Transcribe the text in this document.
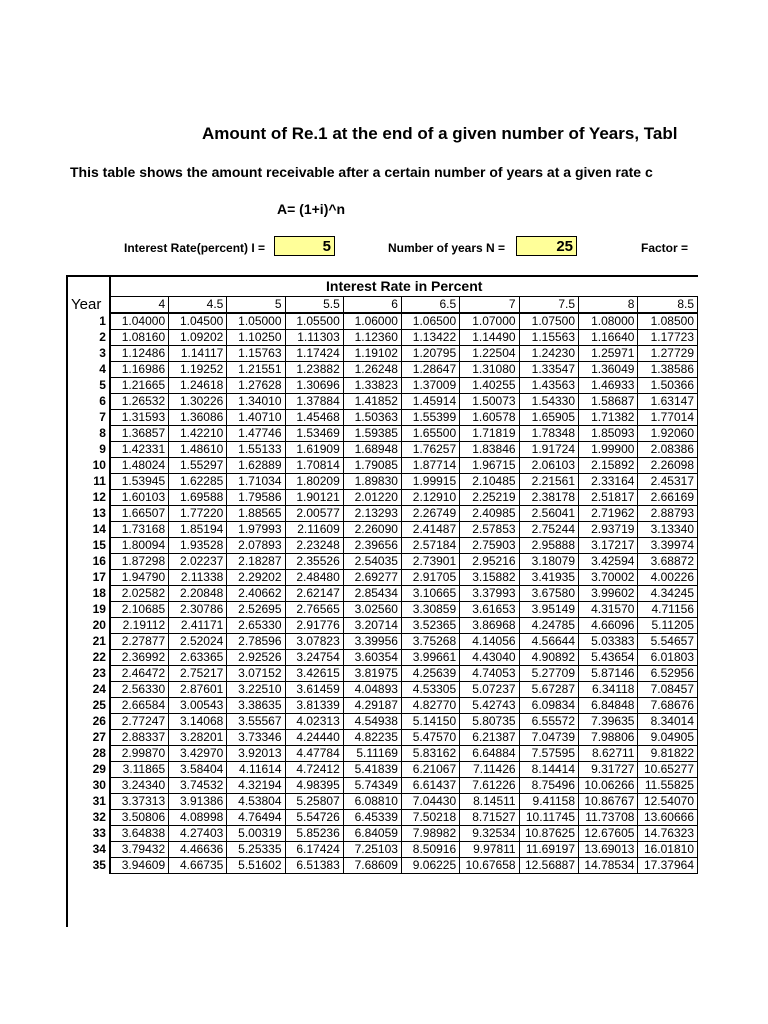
Amount of Re.1 at the end of a given number of Years, Tabl
This table shows the amount receivable after a certain number of years at a given rate c
A= (1+i)^n
Interest Rate(percent) I =	5	Number of years N =	25	Factor =
	Interest Rate in Percent									
Year	4	4.5	5	5.5	6	6.5	7	7.5	8	8.5
1	1.04000	1.04500	1.05000	1.05500	1.06000	1.06500	1.07000	1.07500	1.08000	1.08500
2	1.08160	1.09202	1.10250	1.11303	1.12360	1.13422	1.14490	1.15563	1.16640	1.17723
3	1.12486	1.14117	1.15763	1.17424	1.19102	1.20795	1.22504	1.24230	1.25971	1.27729
4	1.16986	1.19252	1.21551	1.23882	1.26248	1.28647	1.31080	1.33547	1.36049	1.38586
5	1.21665	1.24618	1.27628	1.30696	1.33823	1.37009	1.40255	1.43563	1.46933	1.50366
6	1.26532	1.30226	1.34010	1.37884	1.41852	1.45914	1.50073	1.54330	1.58687	1.63147
7	1.31593	1.36086	1.40710	1.45468	1.50363	1.55399	1.60578	1.65905	1.71382	1.77014
8	1.36857	1.42210	1.47746	1.53469	1.59385	1.65500	1.71819	1.78348	1.85093	1.92060
9	1.42331	1.48610	1.55133	1.61909	1.68948	1.76257	1.83846	1.91724	1.99900	2.08386
10	1.48024	1.55297	1.62889	1.70814	1.79085	1.87714	1.96715	2.06103	2.15892	2.26098
11	1.53945	1.62285	1.71034	1.80209	1.89830	1.99915	2.10485	2.21561	2.33164	2.45317
12	1.60103	1.69588	1.79586	1.90121	2.01220	2.12910	2.25219	2.38178	2.51817	2.66169
13	1.66507	1.77220	1.88565	2.00577	2.13293	2.26749	2.40985	2.56041	2.71962	2.88793
14	1.73168	1.85194	1.97993	2.11609	2.26090	2.41487	2.57853	2.75244	2.93719	3.13340
15	1.80094	1.93528	2.07893	2.23248	2.39656	2.57184	2.75903	2.95888	3.17217	3.39974
16	1.87298	2.02237	2.18287	2.35526	2.54035	2.73901	2.95216	3.18079	3.42594	3.68872
17	1.94790	2.11338	2.29202	2.48480	2.69277	2.91705	3.15882	3.41935	3.70002	4.00226
18	2.02582	2.20848	2.40662	2.62147	2.85434	3.10665	3.37993	3.67580	3.99602	4.34245
19	2.10685	2.30786	2.52695	2.76565	3.02560	3.30859	3.61653	3.95149	4.31570	4.71156
20	2.19112	2.41171	2.65330	2.91776	3.20714	3.52365	3.86968	4.24785	4.66096	5.11205
21	2.27877	2.52024	2.78596	3.07823	3.39956	3.75268	4.14056	4.56644	5.03383	5.54657
22	2.36992	2.63365	2.92526	3.24754	3.60354	3.99661	4.43040	4.90892	5.43654	6.01803
23	2.46472	2.75217	3.07152	3.42615	3.81975	4.25639	4.74053	5.27709	5.87146	6.52956
24	2.56330	2.87601	3.22510	3.61459	4.04893	4.53305	5.07237	5.67287	6.34118	7.08457
25	2.66584	3.00543	3.38635	3.81339	4.29187	4.82770	5.42743	6.09834	6.84848	7.68676
26	2.77247	3.14068	3.55567	4.02313	4.54938	5.14150	5.80735	6.55572	7.39635	8.34014
27	2.88337	3.28201	3.73346	4.24440	4.82235	5.47570	6.21387	7.04739	7.98806	9.04905
28	2.99870	3.42970	3.92013	4.47784	5.11169	5.83162	6.64884	7.57595	8.62711	9.81822
29	3.11865	3.58404	4.11614	4.72412	5.41839	6.21067	7.11426	8.14414	9.31727	10.65277
30	3.24340	3.74532	4.32194	4.98395	5.74349	6.61437	7.61226	8.75496	10.06266	11.55825
31	3.37313	3.91386	4.53804	5.25807	6.08810	7.04430	8.14511	9.41158	10.86767	12.54070
32	3.50806	4.08998	4.76494	5.54726	6.45339	7.50218	8.71527	10.11745	11.73708	13.60666
33	3.64838	4.27403	5.00319	5.85236	6.84059	7.98982	9.32534	10.87625	12.67605	14.76323
34	3.79432	4.46636	5.25335	6.17424	7.25103	8.50916	9.97811	11.69197	13.69013	16.01810
35	3.94609	4.66735	5.51602	6.51383	7.68609	9.06225	10.67658	12.56887	14.78534	17.37964
